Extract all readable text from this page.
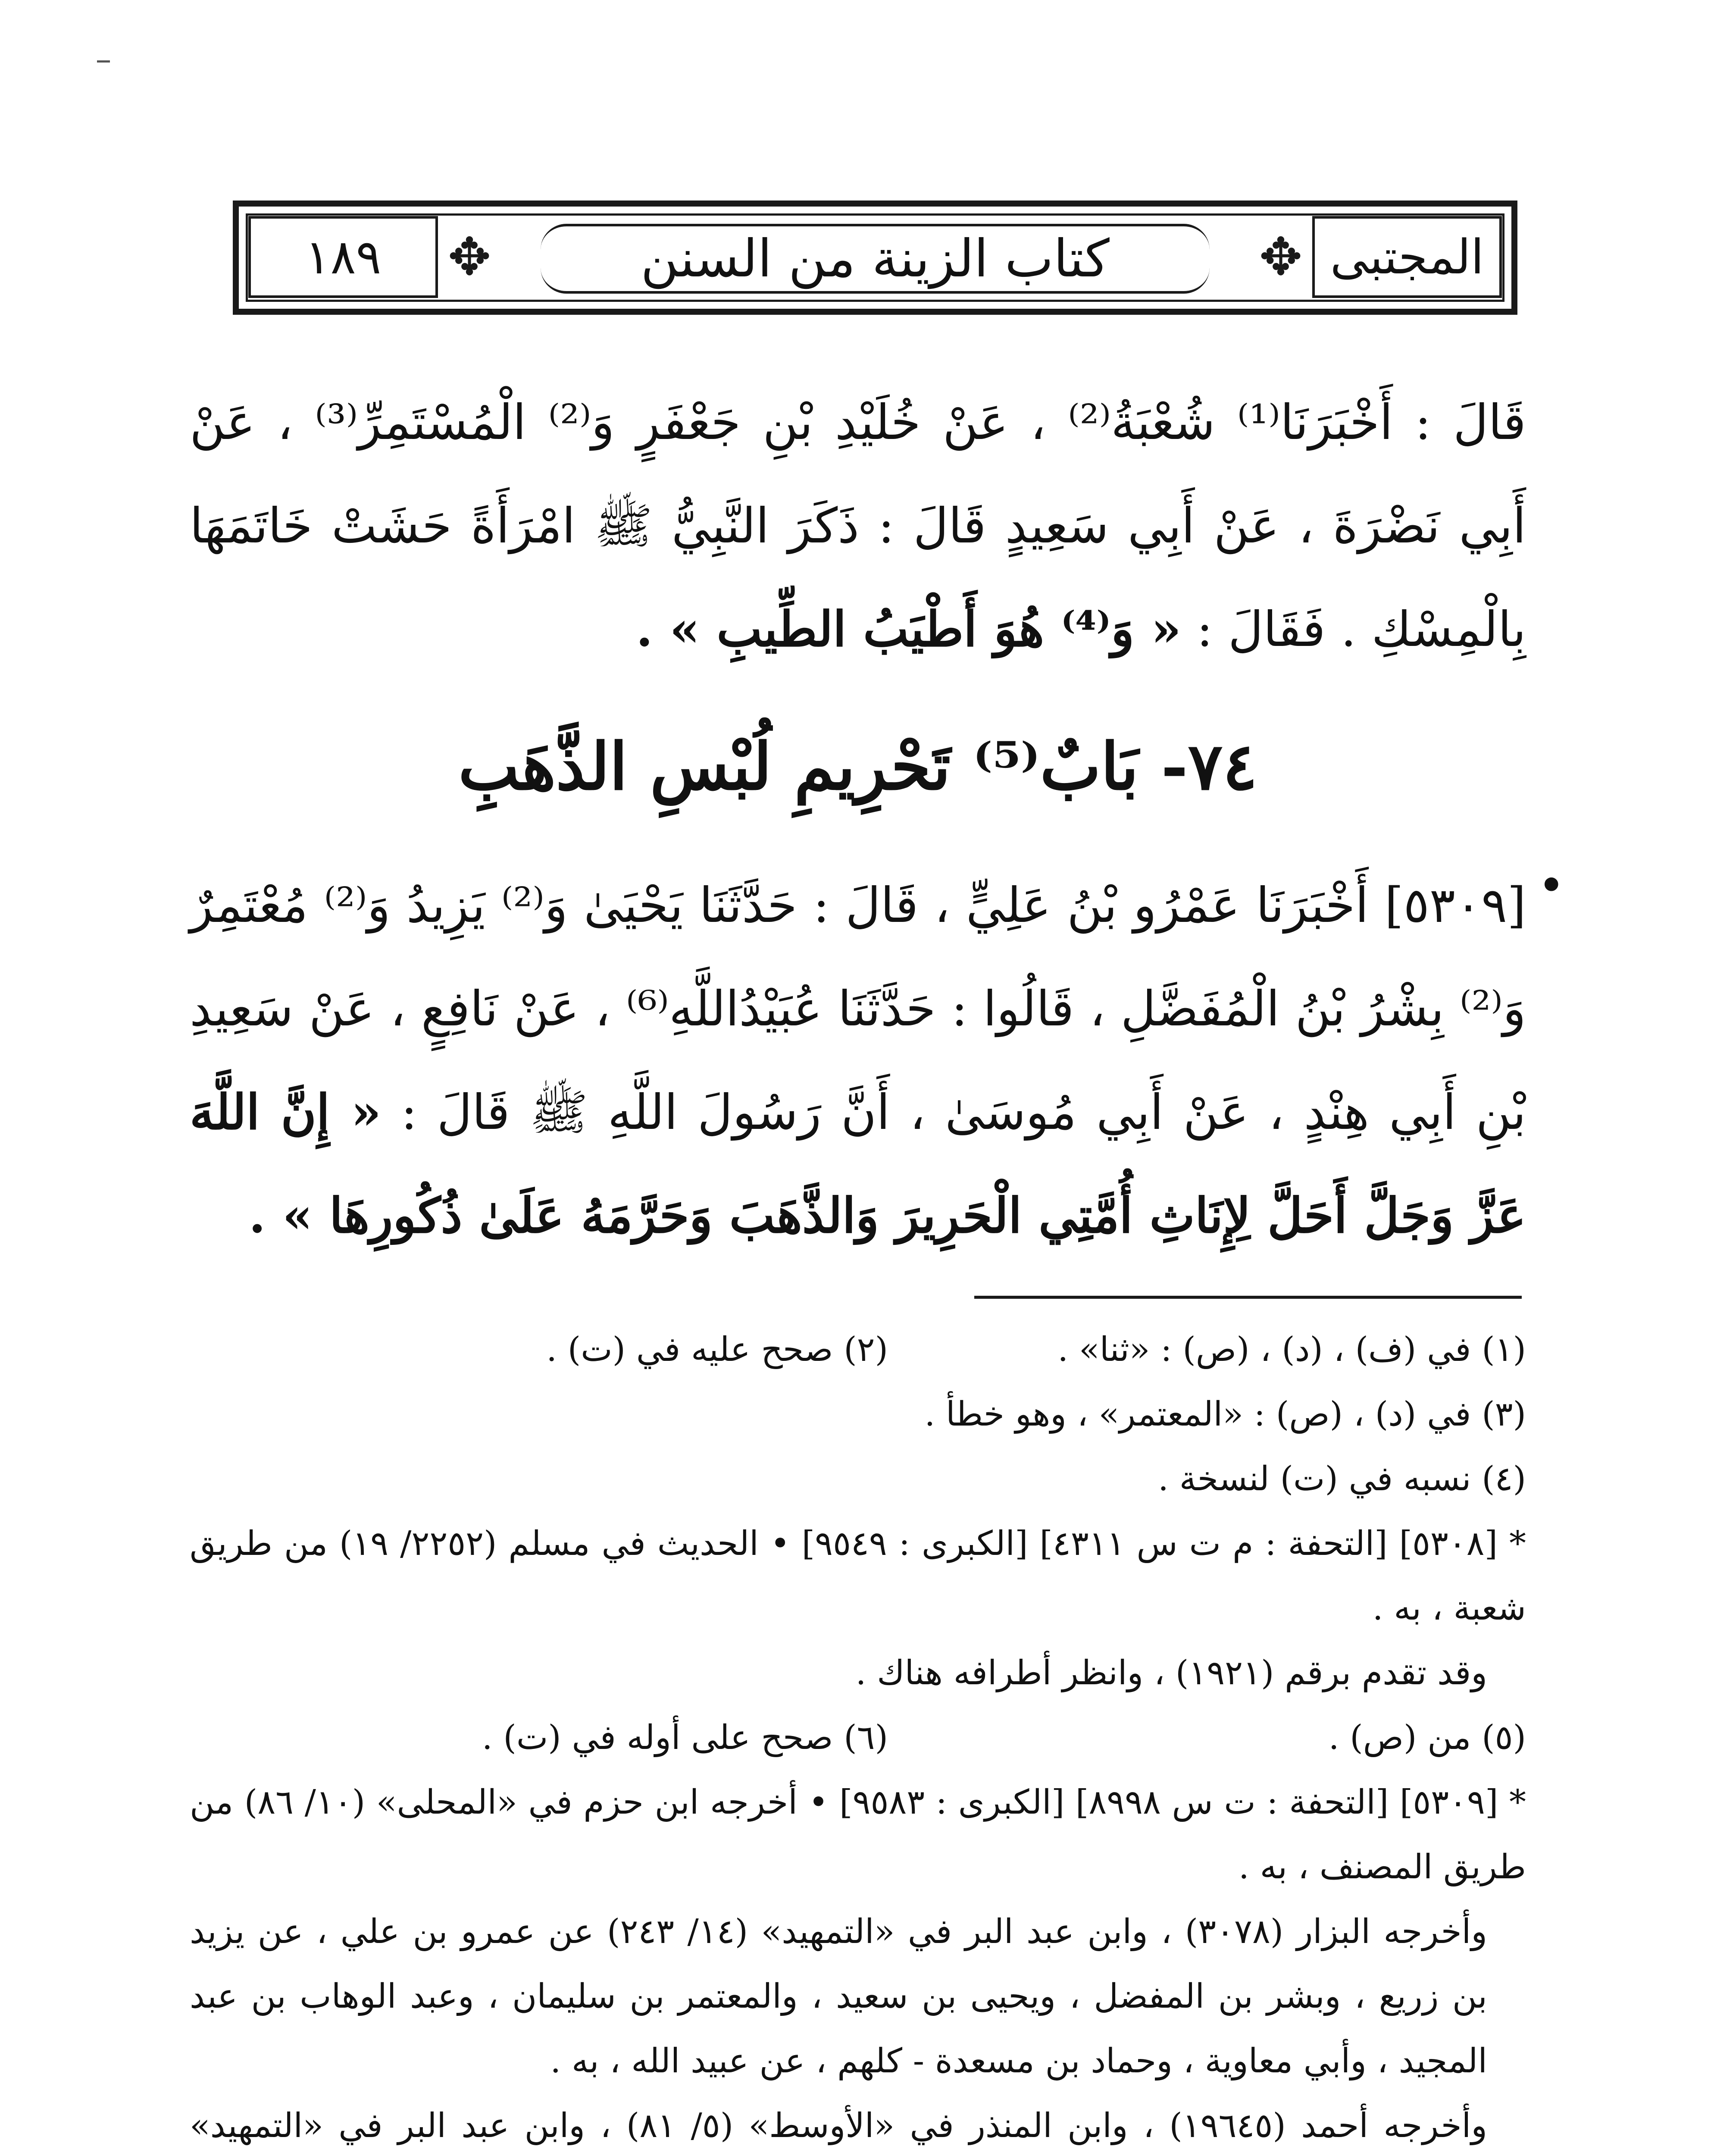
١٨٩	✥	كتاب الزينة من السنن	✥ المجتبى
قَالَ : أَخْبَرَنَا⁽¹⁾ شُعْبَةُ⁽²⁾ ، عَنْ خُلَيْدِ بْنِ جَعْفَرٍ وَ⁽²⁾ الْمُسْتَمِرِّ⁽³⁾ ، عَنْ أَبِي نَضْرَةَ ، عَنْ أَبِي سَعِيدٍ قَالَ : ذَكَرَ النَّبِيُّ ﷺ امْرَأَةً حَشَتْ خَاتَمَهَا بِالْمِسْكِ . فَقَالَ : « وَ⁽⁴⁾ هُوَ أَطْيَبُ الطِّيبِ » .
٧٤- بَابٌ⁽⁵⁾ تَحْرِيمِ لُبْسِ الذَّهَبِ
•
[٥٣٠٩] أَخْبَرَنَا عَمْرُو بْنُ عَلِيٍّ ، قَالَ : حَدَّثَنَا يَحْيَىٰ وَ⁽²⁾ يَزِيدُ وَ⁽²⁾ مُعْتَمِرٌ وَ⁽²⁾ بِشْرُ بْنُ الْمُفَضَّلِ ، قَالُوا : حَدَّثَنَا عُبَيْدُاللَّهِ⁽⁶⁾ ، عَنْ نَافِعٍ ، عَنْ سَعِيدِ بْنِ أَبِي هِنْدٍ ، عَنْ أَبِي مُوسَىٰ ، أَنَّ رَسُولَ اللَّهِ ﷺ قَالَ : « إِنَّ اللَّهَ عَزَّ وَجَلَّ أَحَلَّ لِإِنَاثِ أُمَّتِي الْحَرِيرَ وَالذَّهَبَ وَحَرَّمَهُ عَلَىٰ ذُكُورِهَا » .
(١) في (ف) ، (د) ، (ص) : «ثنا» .
(٢) صحح عليه في (ت) .
(٣) في (د) ، (ص) : «المعتمر» ، وهو خطأ .
(٤) نسبه في (ت) لنسخة .
* [٥٣٠٨] [التحفة : م ت س ٤٣١١] [الكبرى : ٩٥٤٩] • الحديث في مسلم (٢٢٥٢/ ١٩) من طريق شعبة ، به .
وقد تقدم برقم (١٩٢١) ، وانظر أطرافه هناك .
(٥) من (ص) .
(٦) صحح على أوله في (ت) .
* [٥٣٠٩] [التحفة : ت س ٨٩٩٨] [الكبرى : ٩٥٨٣] • أخرجه ابن حزم في «المحلى» (١٠/ ٨٦) من طريق المصنف ، به .
وأخرجه البزار (٣٠٧٨) ، وابن عبد البر في «التمهيد» (١٤/ ٢٤٣) عن عمرو بن علي ، عن يزيد بن زريع ، وبشر بن المفضل ، ويحيى بن سعيد ، والمعتمر بن سليمان ، وعبد الوهاب بن عبد المجيد ، وأبي معاوية ، وحماد بن مسعدة - كلهم ، عن عبيد الله ، به .
وأخرجه أحمد (١٩٦٤٥) ، وابن المنذر في «الأوسط» (٥/ ٨١) ، وابن عبد البر في «التمهيد»
